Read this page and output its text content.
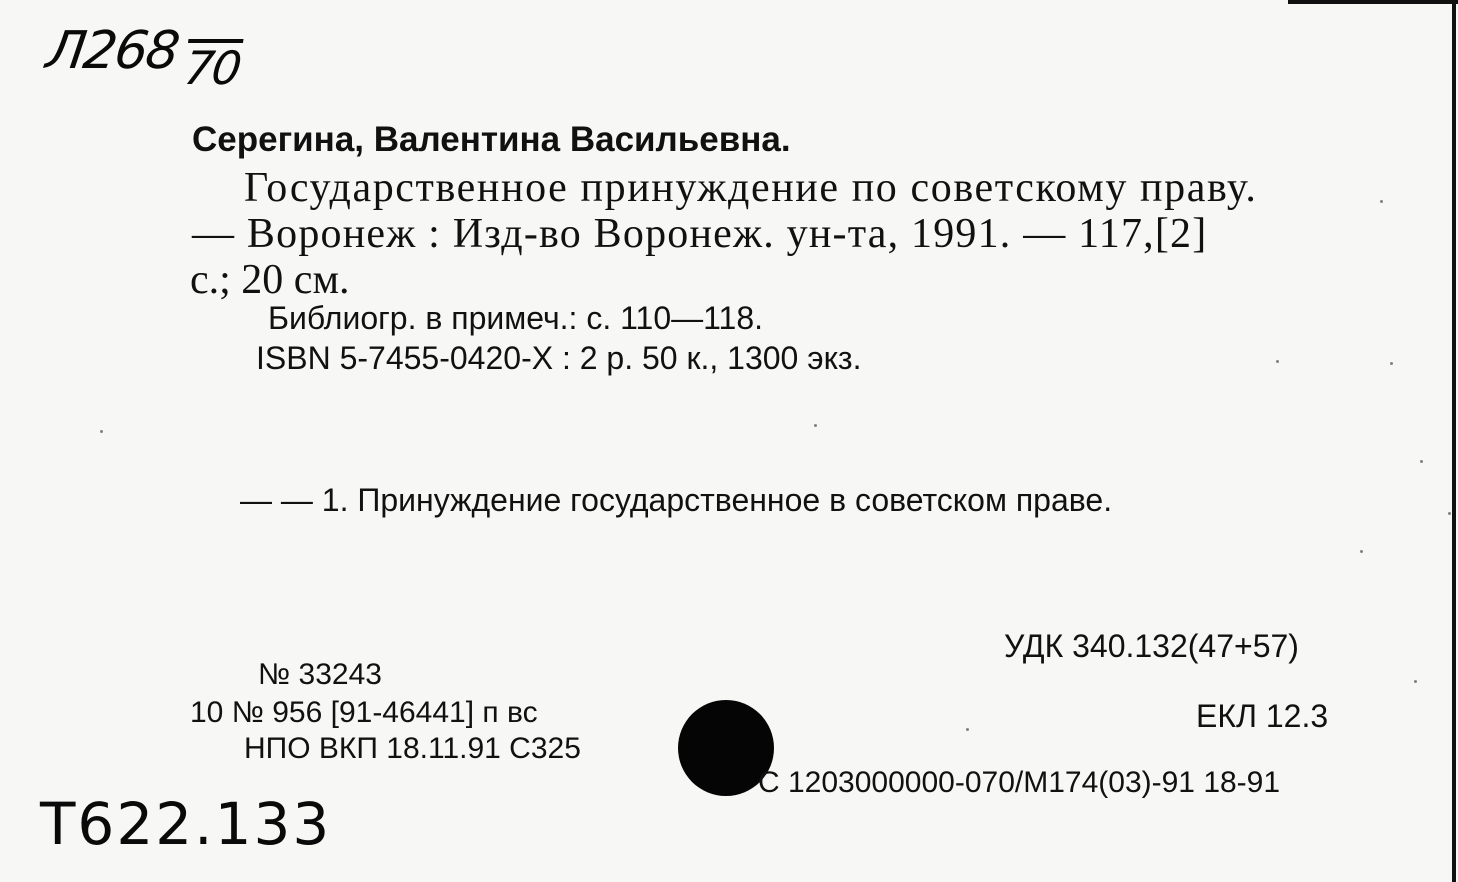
Л26870
Серегина, Валентина Васильевна.
Государственное принуждение по советскому праву.
— Воронеж : Изд-во Воронеж. ун-та, 1991. — 117,[2]
с.; 20 см.
Библиогр. в примеч.: с. 110—118.
ISBN 5-7455-0420-X : 2 р. 50 к., 1300 экз.
— — 1. Принуждение государственное в советском праве.
УДК 340.132(47+57)
№ 33243
10 № 956 [91-46441] п вс	ЕКЛ 12.3
НПО ВКП 18.11.91 С325
С 1203000000-070/М174(03)-91 18-91
Т622.133
